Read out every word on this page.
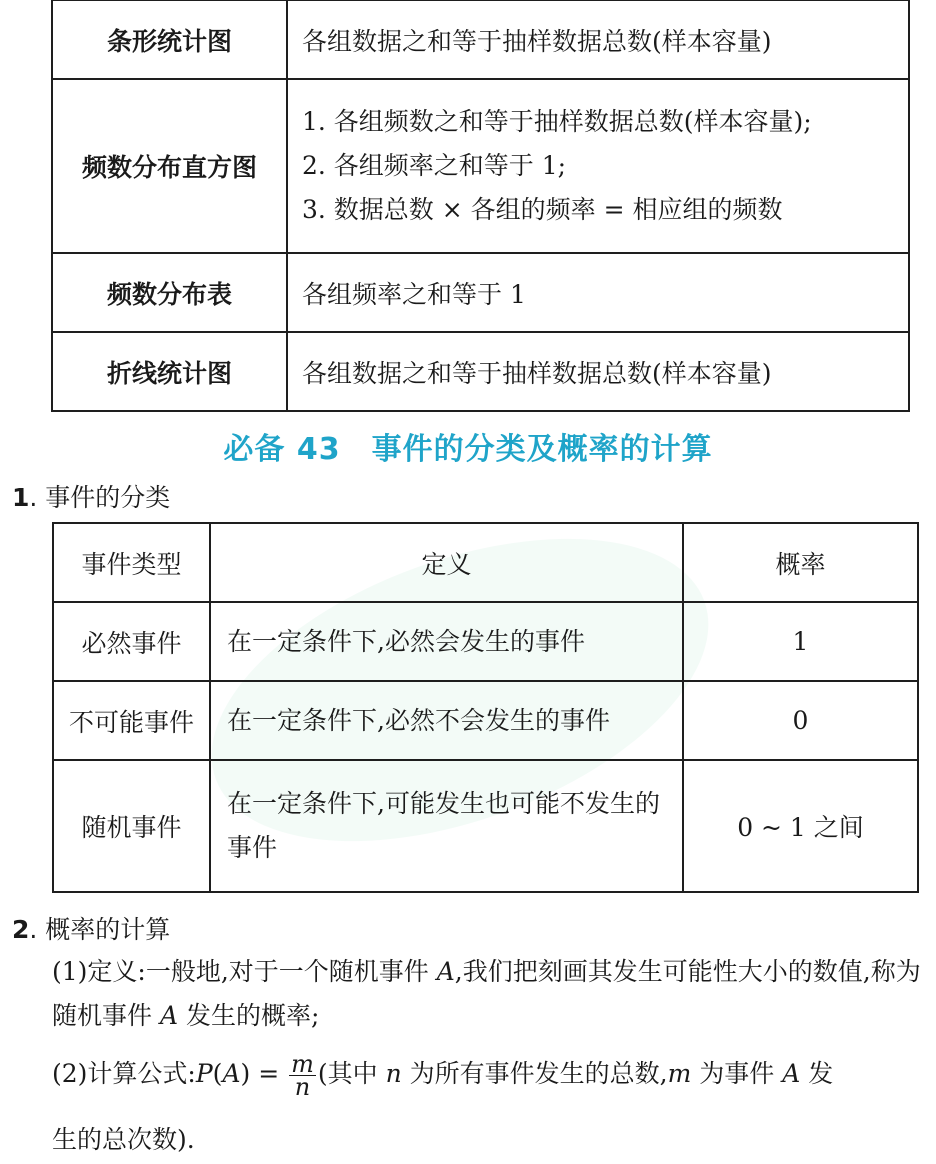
条形统计图	各组数据之和等于抽样数据总数(样本容量)
频数分布直方图	1. 各组频数之和等于抽样数据总数(样本容量);
2. 各组频率之和等于 1;
3. 数据总数 × 各组的频率 = 相应组的频数

频数分布表	各组频率之和等于 1
折线统计图	各组数据之和等于抽样数据总数(样本容量)
必备 43　事件的分类及概率的计算
1. 事件的分类
事件类型	定义	概率
必然事件	在一定条件下,必然会发生的事件	1
不可能事件	在一定条件下,必然不会发生的事件	0
随机事件	在一定条件下,可能发生也可能不发生的事件	0 ~ 1 之间
2. 概率的计算
(1)定义:一般地,对于一个随机事件 A,我们把刻画其发生可能性大小的数值,称为随机事件 A 发生的概率;
(2)计算公式:P(A) = $\frac{m}{n}$ (其中 n 为所有事件发生的总数,m 为事件 A 发
生的总次数).
